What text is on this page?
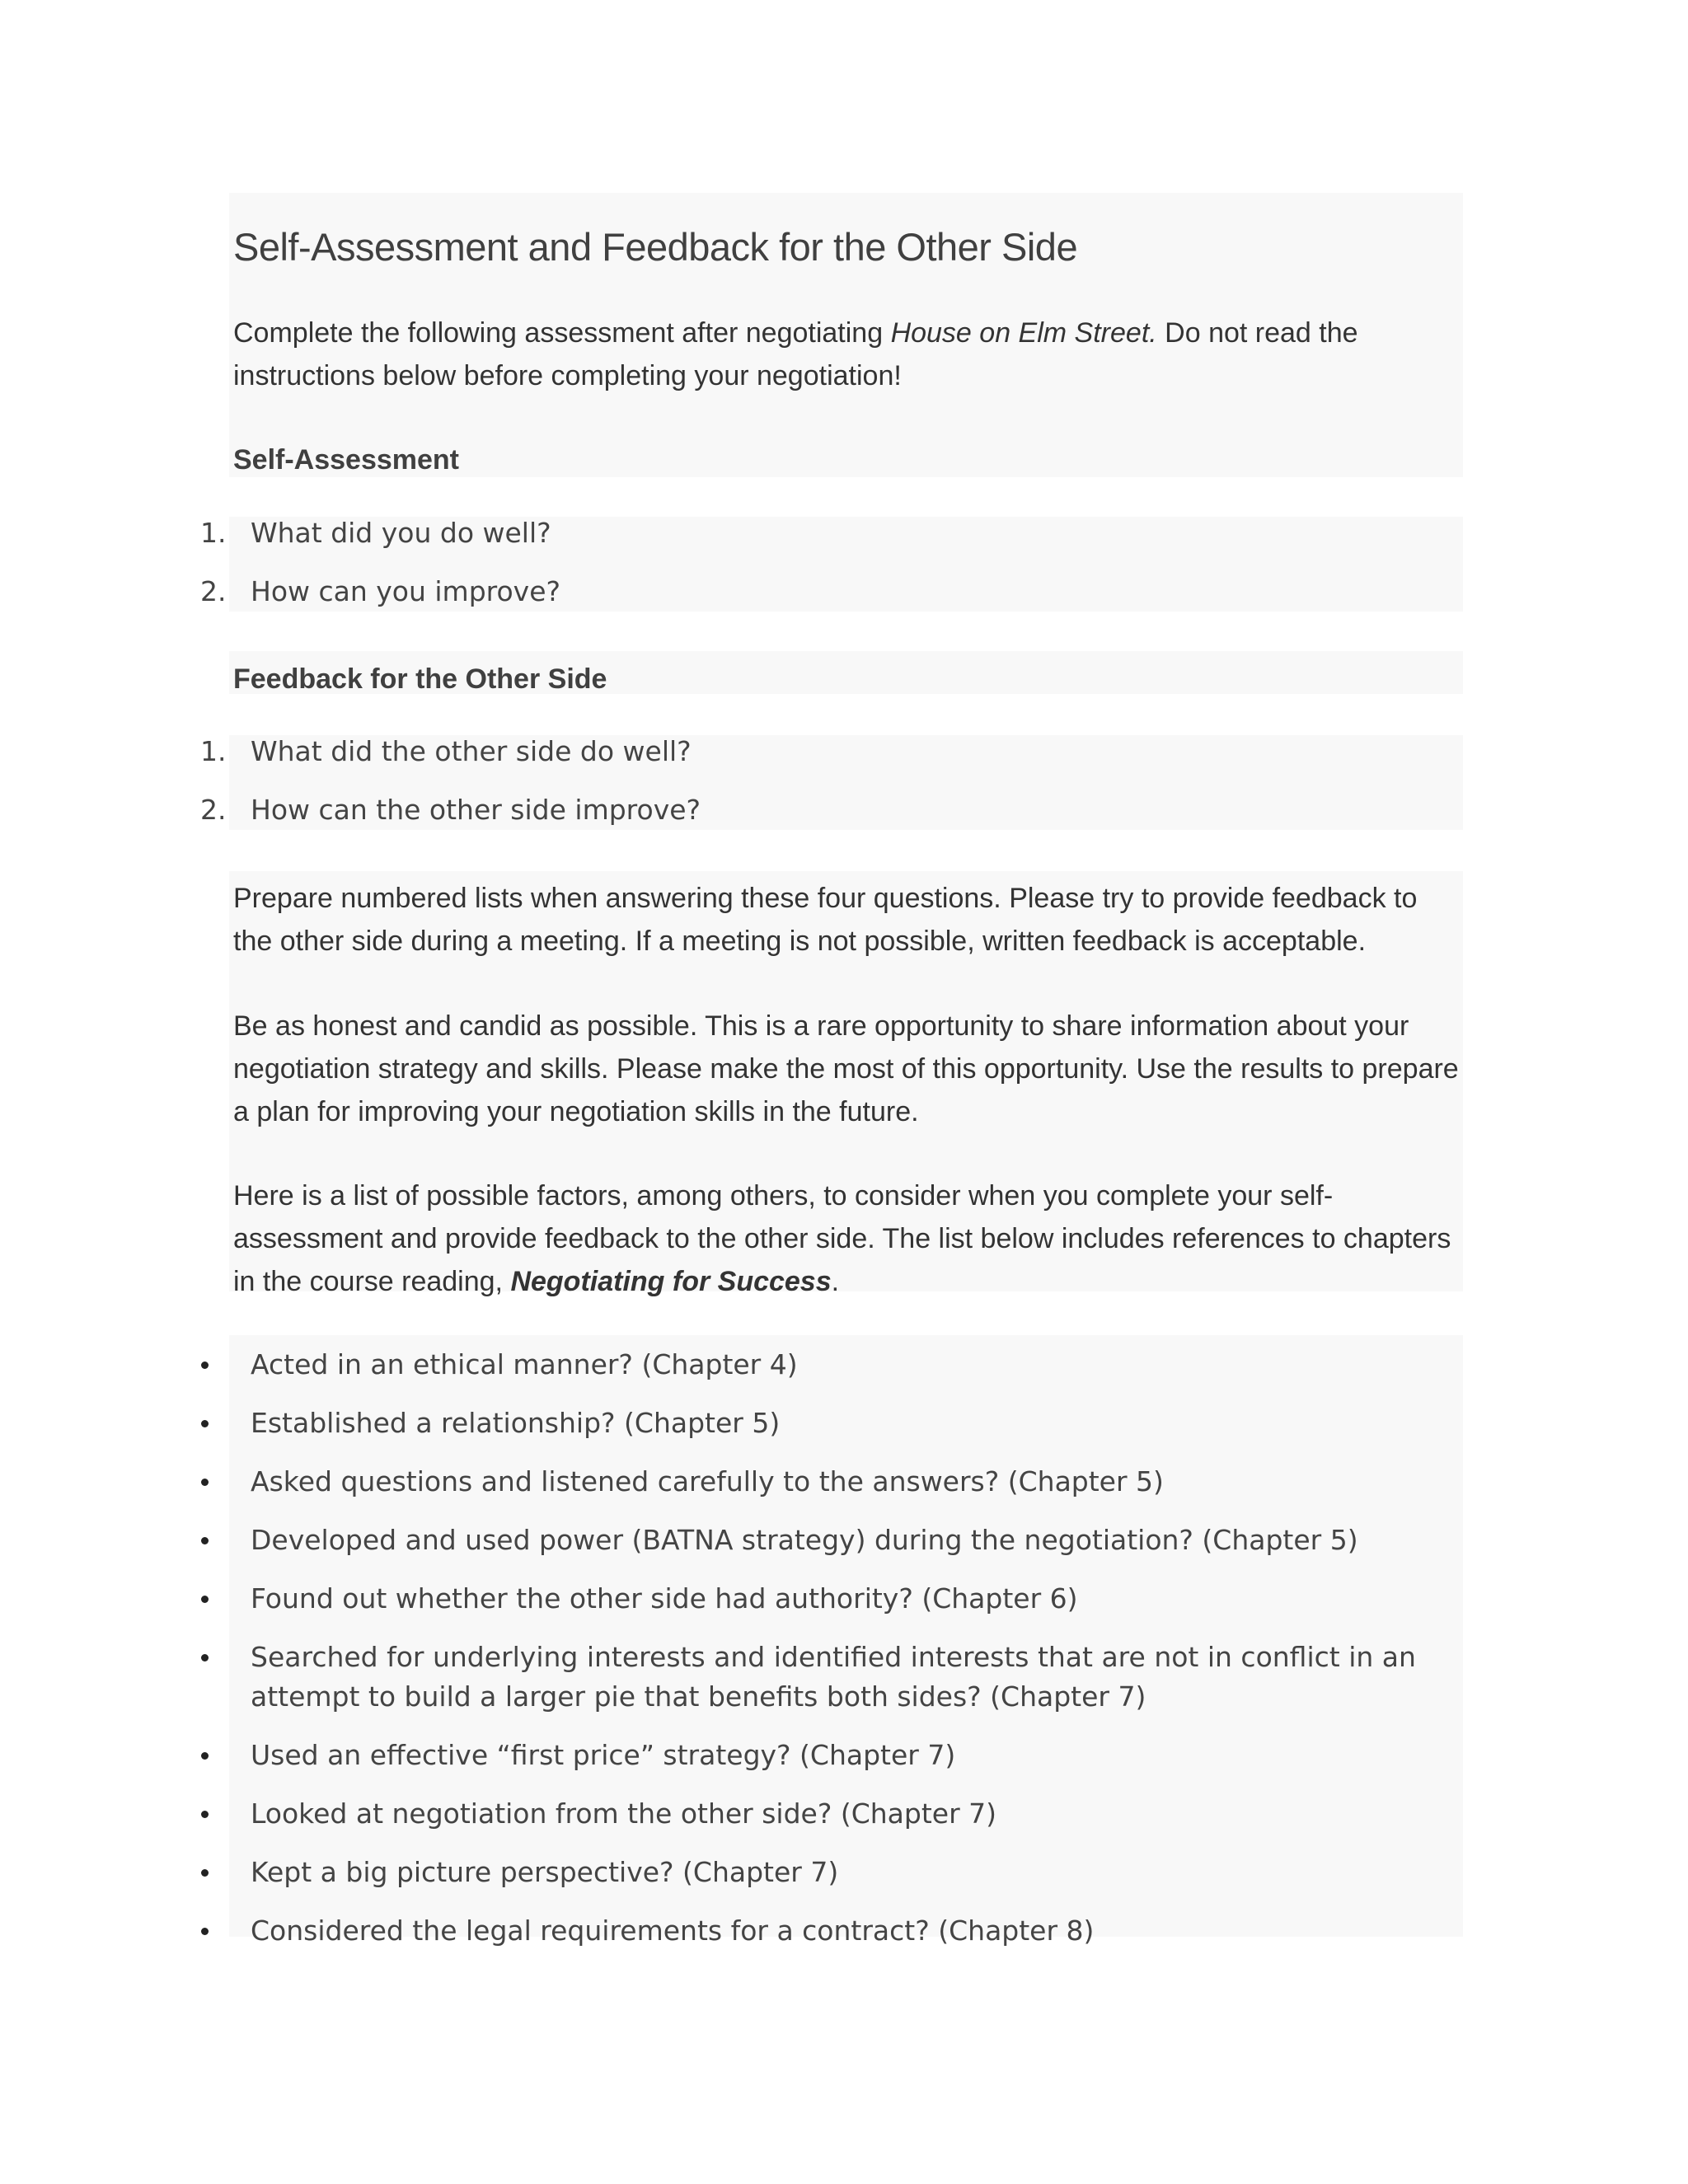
Self-Assessment and Feedback for the Other Side

Complete the following assessment after negotiating House on Elm Street. Do not read the instructions below before completing your negotiation!

Self-Assessment
1. What did you do well?
2. How can you improve?
Feedback for the Other Side
1. What did the other side do well?
2. How can the other side improve?

Prepare numbered lists when answering these four questions. Please try to provide feedback to the other side during a meeting. If a meeting is not possible, written feedback is acceptable.

Be as honest and candid as possible. This is a rare opportunity to share information about your negotiation strategy and skills. Please make the most of this opportunity. Use the results to prepare a plan for improving your negotiation skills in the future.

Here is a list of possible factors, among others, to consider when you complete your self-assessment and provide feedback to the other side. The list below includes references to chapters in the course reading, Negotiating for Success.

Acted in an ethical manner? (Chapter 4)
Established a relationship? (Chapter 5)
Asked questions and listened carefully to the answers? (Chapter 5)
Developed and used power (BATNA strategy) during the negotiation? (Chapter 5)
Found out whether the other side had authority? (Chapter 6)
Searched for underlying interests and identified interests that are not in conflict in an attempt to build a larger pie that benefits both sides? (Chapter 7)
Used an effective “first price” strategy? (Chapter 7)
Looked at negotiation from the other side? (Chapter 7)
Kept a big picture perspective? (Chapter 7)
Considered the legal requirements for a contract? (Chapter 8)
